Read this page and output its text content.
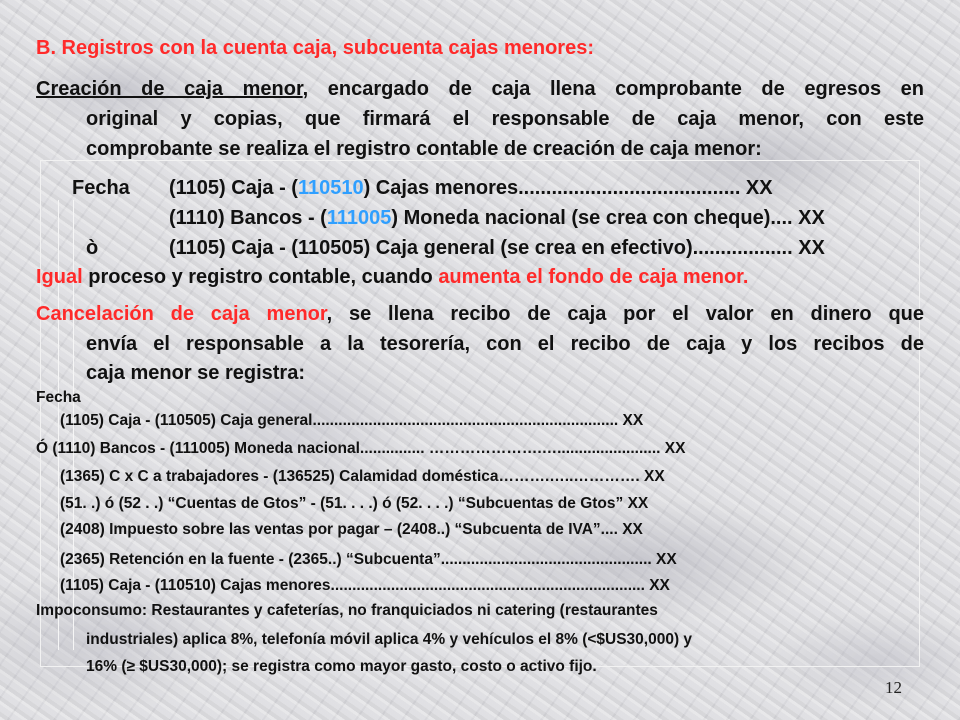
B. Registros con la cuenta caja, subcuenta cajas menores:
Creación de caja menor, encargado de caja llena comprobante de egresos en
original y copias, que firmará el responsable de caja menor, con este
comprobante se realiza el registro contable de creación de caja menor:
Fecha	(1105) Caja - (110510) Cajas menores........................................ XX
(1110) Bancos - (111005) Moneda nacional (se crea con cheque).... XX
ò	(1105) Caja - (110505) Caja general (se crea en efectivo).................. XX
Igual proceso y registro contable, cuando aumenta el fondo de caja menor.
Cancelación de caja menor, se llena recibo de caja por el valor en dinero que
envía el responsable a la tesorería, con el recibo de caja y los recibos de
caja menor se registra:
Fecha
(1105) Caja - (110505) Caja general....................................................................... XX
Ó (1110) Bancos - (111005) Moneda nacional............... ………………….…........................ XX
(1365) C x C a trabajadores - (136525) Calamidad doméstica……….…..…………. XX
(51. .) ó (52 . .) “Cuentas de Gtos” - (51. . . .) ó (52. . . .) “Subcuentas de Gtos” XX
(2408) Impuesto sobre las ventas por pagar – (2408..) “Subcuenta de IVA”.... XX
(2365) Retención en la fuente - (2365..) “Subcuenta”................................................. XX
(1105) Caja - (110510) Cajas menores......................................................................... XX
Impoconsumo: Restaurantes y cafeterías, no franquiciados ni catering (restaurantes
industriales) aplica 8%, telefonía móvil aplica 4% y vehículos el 8% (<$US30,000) y
16% (≥ $US30,000); se registra como mayor gasto, costo o activo fijo.
12
